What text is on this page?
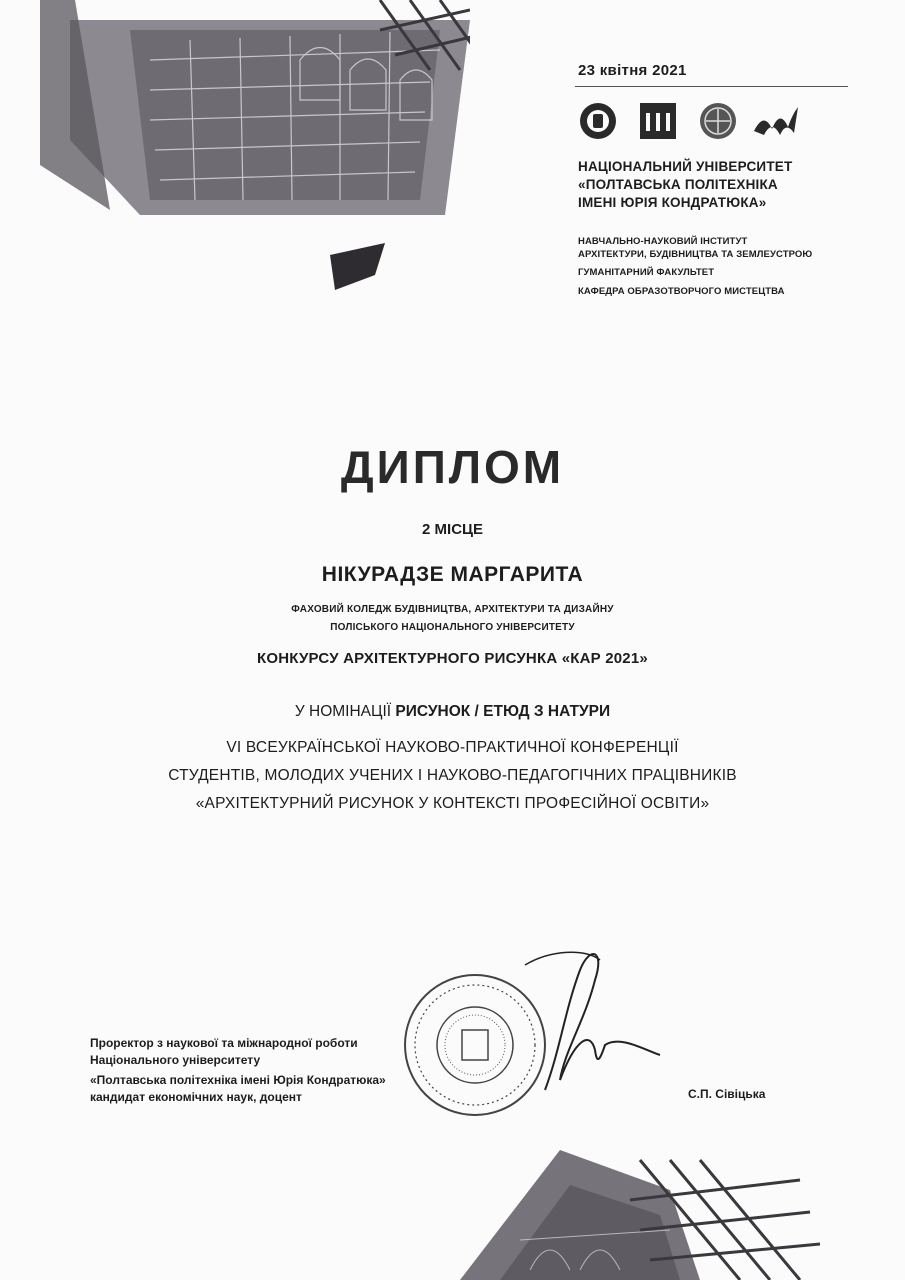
23 квітня 2021
НАЦІОНАЛЬНИЙ УНІВЕРСИТЕТ
«ПОЛТАВСЬКА ПОЛІТЕХНІКА
ІМЕНІ ЮРІЯ КОНДРАТЮКА»
НАВЧАЛЬНО-НАУКОВИЙ ІНСТИТУТ
АРХІТЕКТУРИ, БУДІВНИЦТВА ТА ЗЕМЛЕУСТРОЮ
ГУМАНІТАРНИЙ ФАКУЛЬТЕТ
КАФЕДРА ОБРАЗОТВОРЧОГО МИСТЕЦТВА
ДИПЛОМ
2 МІСЦЕ
НІКУРАДЗЕ МАРГАРИТА
ФАХОВИЙ КОЛЕДЖ БУДІВНИЦТВА, АРХІТЕКТУРИ ТА ДИЗАЙНУ
ПОЛІСЬКОГО НАЦІОНАЛЬНОГО УНІВЕРСИТЕТУ
КОНКУРСУ АРХІТЕКТУРНОГО РИСУНКА «КАР 2021»
У НОМІНАЦІЇ РИСУНОК / ЕТЮД З НАТУРИ
VI ВСЕУКРАЇНСЬКОЇ НАУКОВО-ПРАКТИЧНОЇ КОНФЕРЕНЦІЇ
СТУДЕНТІВ, МОЛОДИХ УЧЕНИХ І НАУКОВО-ПЕДАГОГІЧНИХ ПРАЦІВНИКІВ
«АРХІТЕКТУРНИЙ РИСУНОК У КОНТЕКСТІ ПРОФЕСІЙНОЇ ОСВІТИ»
Проректор з наукової та міжнародної роботи
Національного університету
«Полтавська політехніка імені Юрія Кондратюка»
кандидат економічних наук, доцент	С.П. Сівіцька
